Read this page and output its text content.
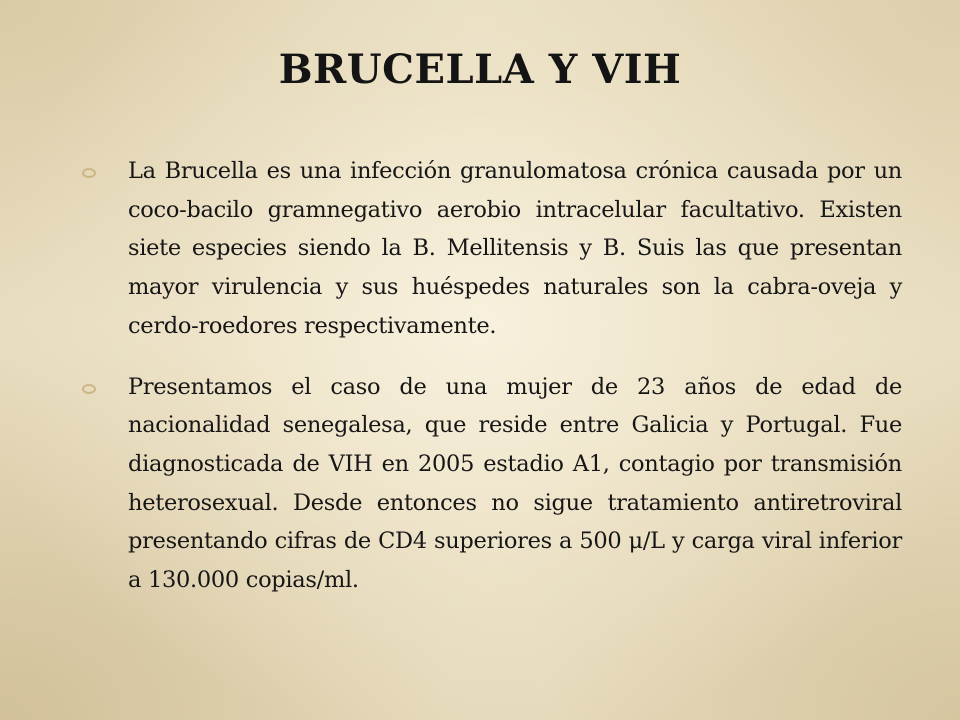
BRUCELLA Y VIH
La Brucella es una infección granulomatosa crónica causada por un coco-bacilo gramnegativo aerobio intracelular facultativo. Existen siete especies siendo la B. Mellitensis y B. Suis las que presentan mayor virulencia y sus huéspedes naturales son la cabra-oveja y cerdo-roedores respectivamente.
Presentamos el caso de una mujer de 23 años de edad de nacionalidad senegalesa, que reside entre Galicia y Portugal. Fue diagnosticada de VIH en 2005 estadio A1, contagio por transmisión heterosexual. Desde entonces no sigue tratamiento antiretroviral presentando cifras de CD4 superiores a 500 μ/L y carga viral inferior a 130.000 copias/ml.
